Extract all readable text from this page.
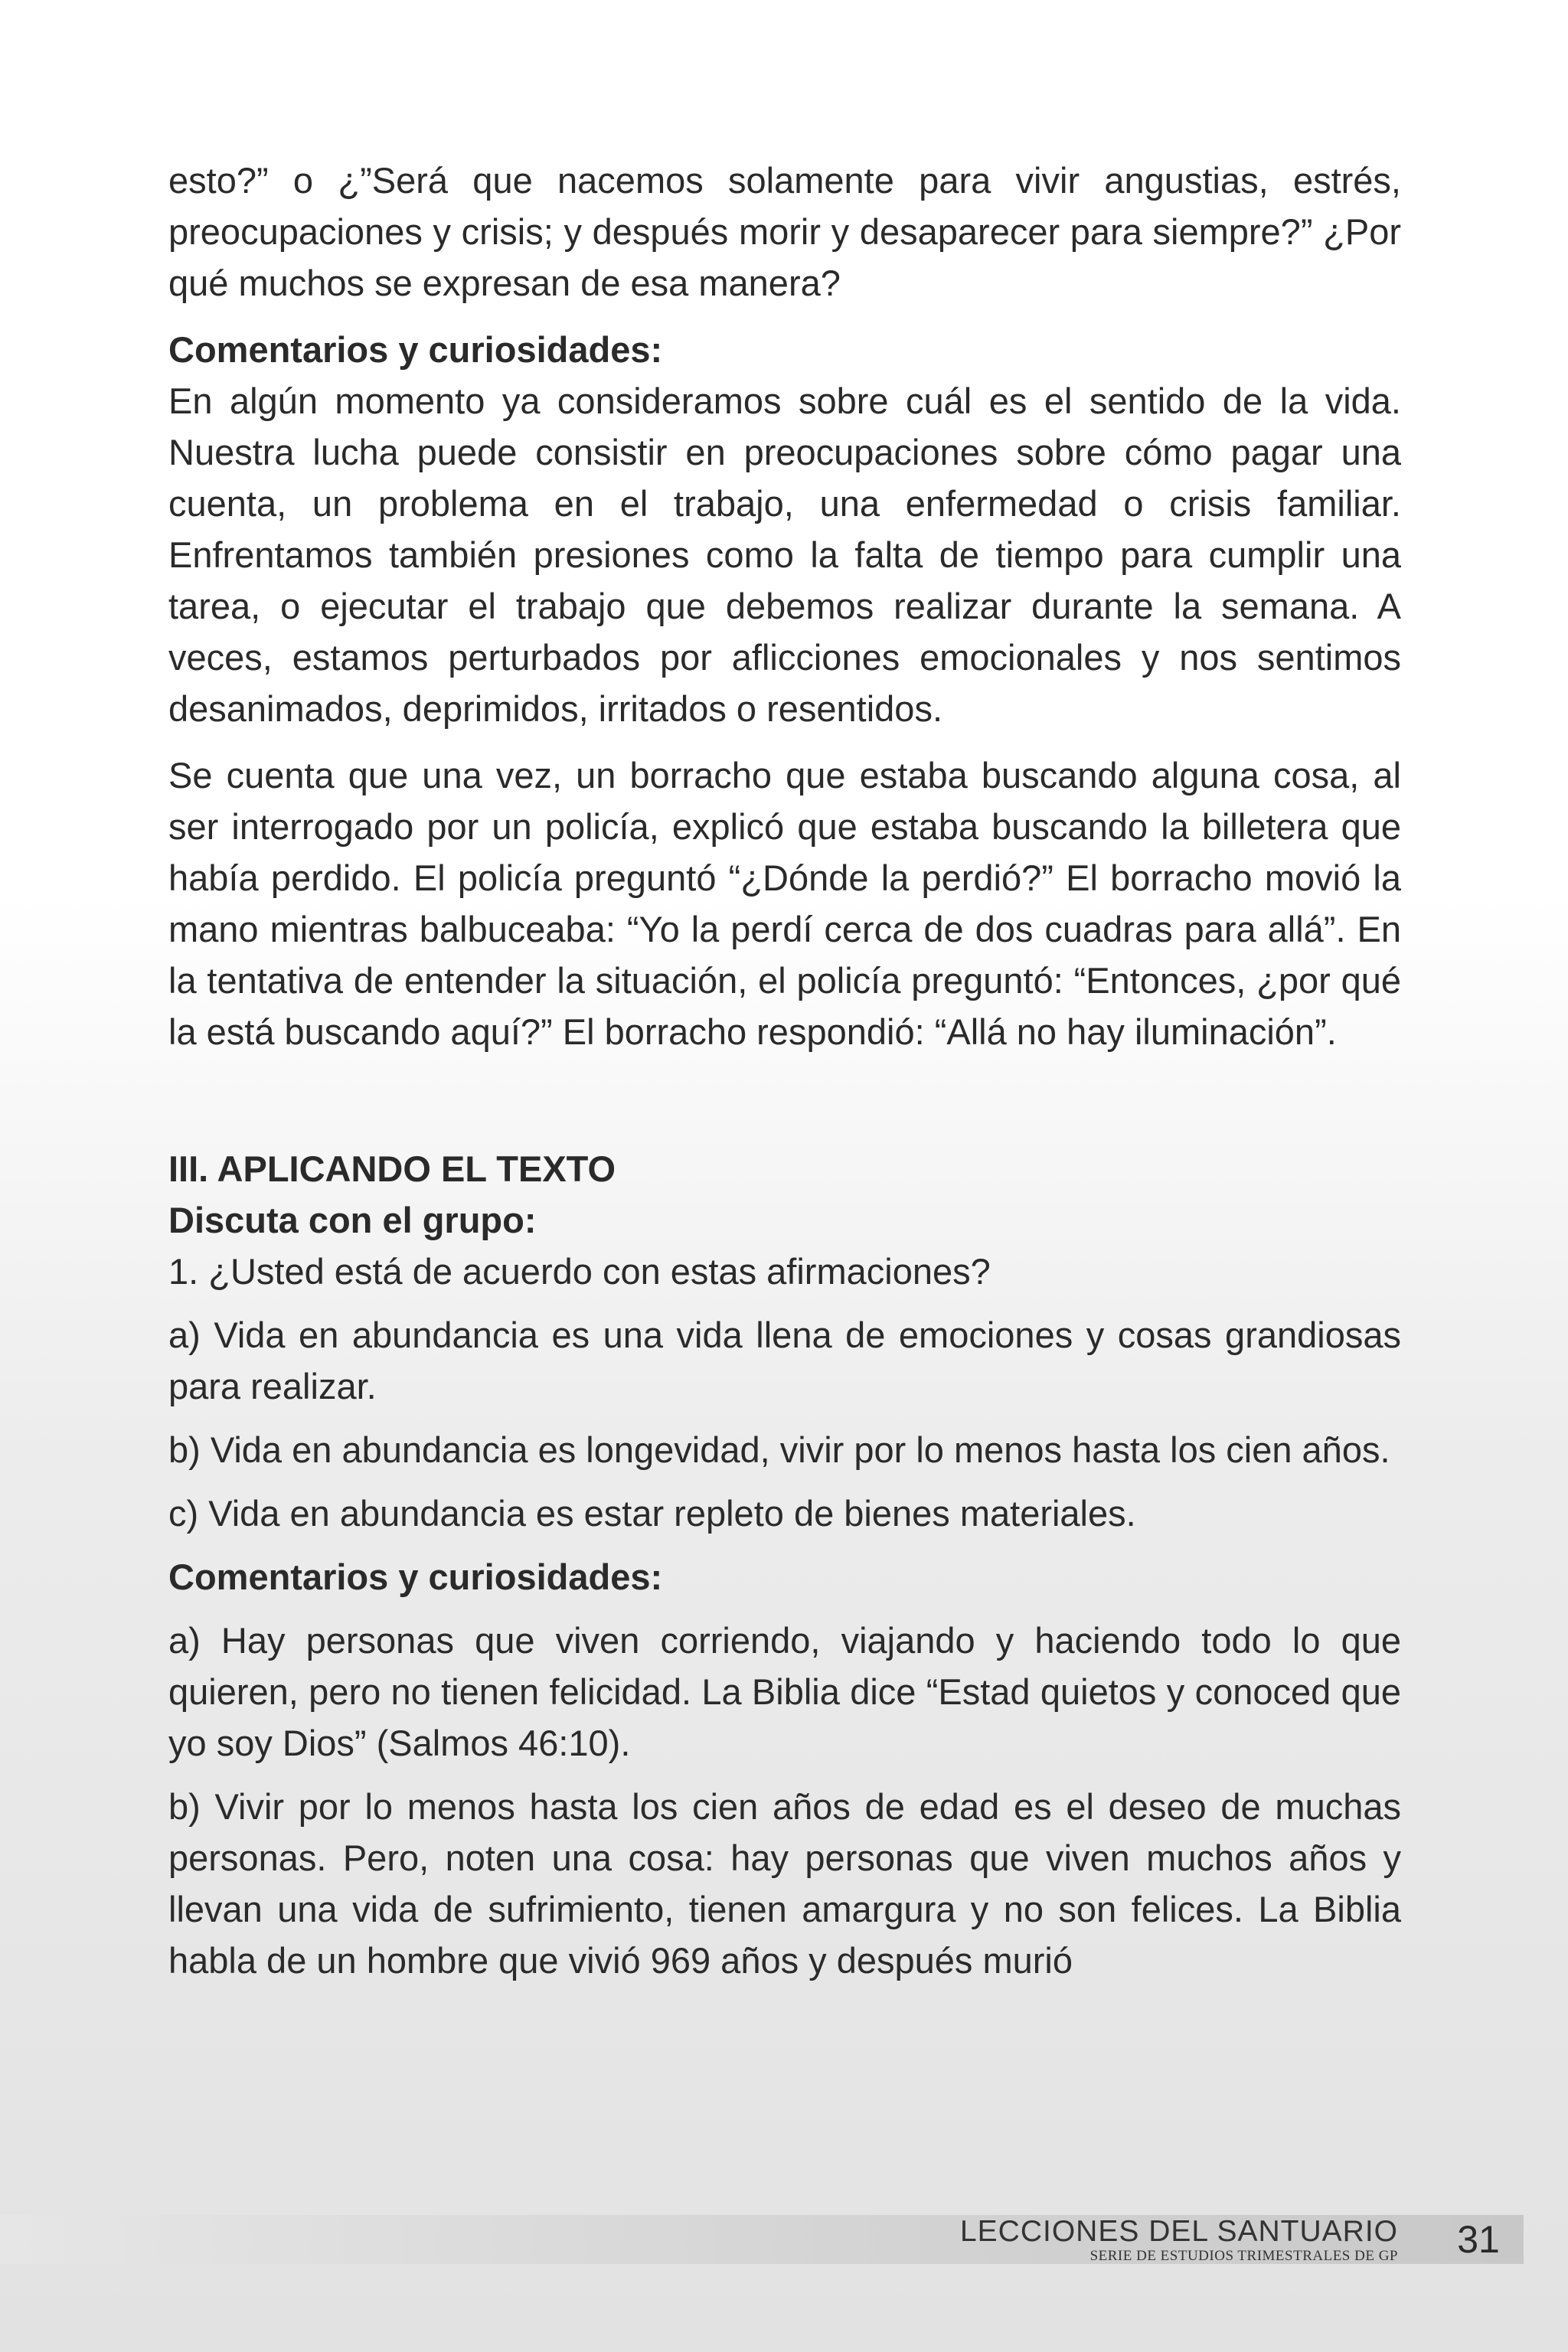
esto?” o ¿”Será que nacemos solamente para vivir angustias, estrés, preocupaciones y crisis; y después morir y desaparecer para siempre?” ¿Por qué muchos se expresan de esa manera?

Comentarios y curiosidades:

En algún momento ya consideramos sobre cuál es el sentido de la vida. Nuestra lucha puede consistir en preocupaciones sobre cómo pagar una cuenta, un problema en el trabajo, una enfermedad o crisis familiar. Enfrentamos también presiones como la falta de tiempo para cumplir una tarea, o ejecutar el trabajo que debemos realizar durante la semana. A veces, estamos perturbados por aflicciones emocionales y nos sentimos desanimados, deprimidos, irritados o resentidos.

Se cuenta que una vez, un borracho que estaba buscando alguna cosa, al ser interrogado por un policía, explicó que estaba buscando la billetera que había perdido. El policía preguntó “¿Dónde la perdió?” El borracho movió la mano mientras balbuceaba: “Yo la perdí cerca de dos cuadras para allá”. En la tentativa de entender la situación, el policía preguntó: “Entonces, ¿por qué la está buscando aquí?” El borracho respondió: “Allá no hay iluminación”.

III. APLICANDO EL TEXTO

Discuta con el grupo:

1. ¿Usted está de acuerdo con estas afirmaciones?

a) Vida en abundancia es una vida llena de emociones y cosas grandiosas para realizar.

b) Vida en abundancia es longevidad, vivir por lo menos hasta los cien años.

c) Vida en abundancia es estar repleto de bienes materiales.

Comentarios y curiosidades:

a) Hay personas que viven corriendo, viajando y haciendo todo lo que quieren, pero no tienen felicidad. La Biblia dice “Estad quietos y conoced que yo soy Dios” (Salmos 46:10).

b) Vivir por lo menos hasta los cien años de edad es el deseo de muchas personas. Pero, noten una cosa: hay personas que viven muchos años y llevan una vida de sufrimiento, tienen amargura y no son felices. La Biblia habla de un hombre que vivió 969 años y después murió

LECCIONES DEL SANTUARIO
SERIE DE ESTUDIOS TRIMESTRALES DE GP	31
